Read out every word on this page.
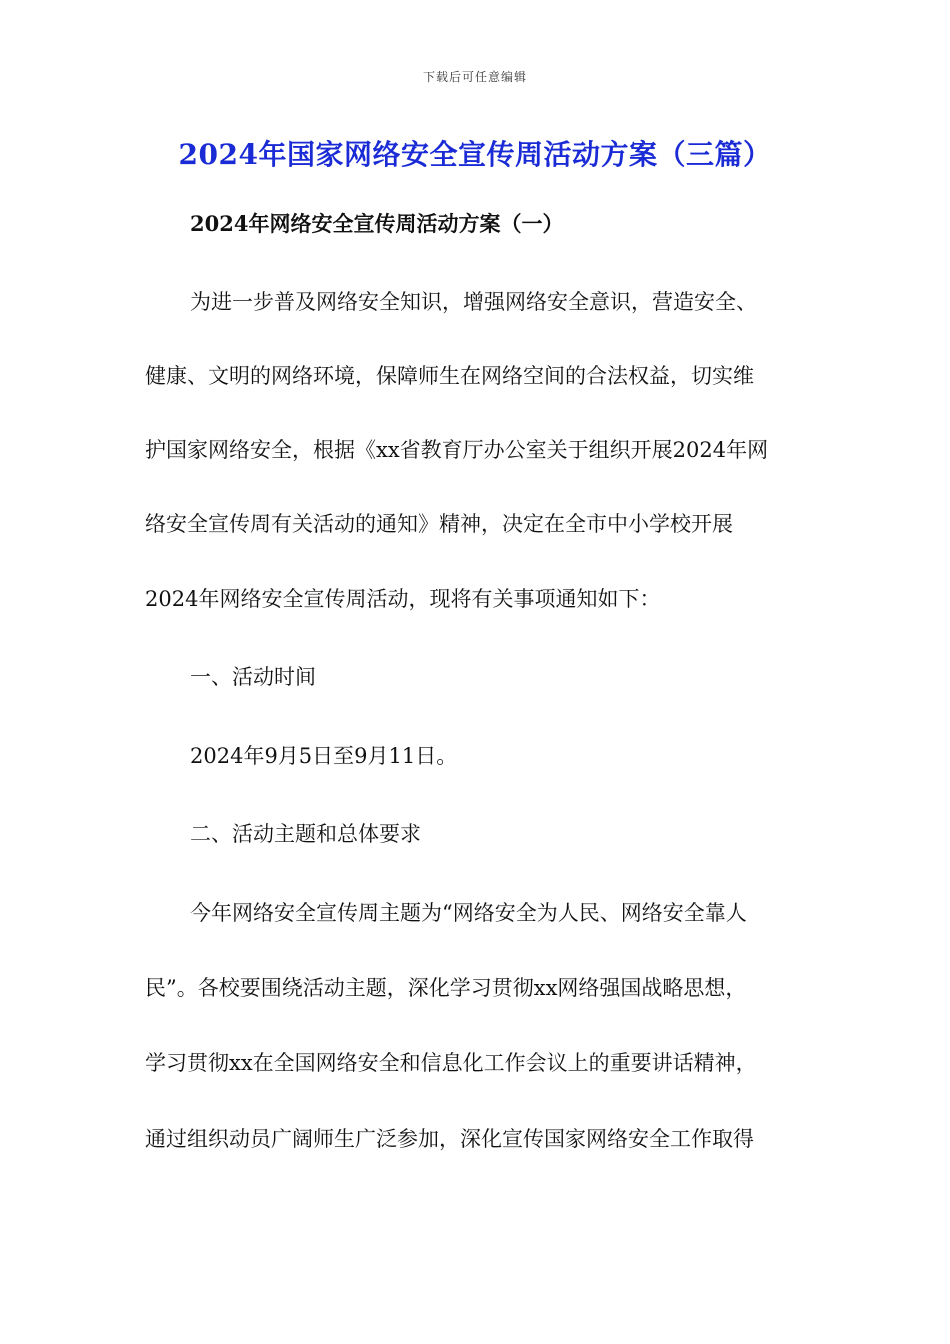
下载后可任意编辑
2024年国家网络安全宣传周活动方案（三篇）
2024年网络安全宣传周活动方案（一）
为进一步普及网络安全知识，增强网络安全意识，营造安全、
健康、文明的网络环境，保障师生在网络空间的合法权益，切实维
护国家网络安全，根据《xx省教育厅办公室关于组织开展2024年网
络安全宣传周有关活动的通知》精神，决定在全市中小学校开展
2024年网络安全宣传周活动，现将有关事项通知如下：
一、活动时间
2024年9月5日至9月11日。
二、活动主题和总体要求
今年网络安全宣传周主题为“网络安全为人民、网络安全靠人
民”。各校要围绕活动主题，深化学习贯彻xx网络强国战略思想，
学习贯彻xx在全国网络安全和信息化工作会议上的重要讲话精神，
通过组织动员广阔师生广泛参加，深化宣传国家网络安全工作取得
